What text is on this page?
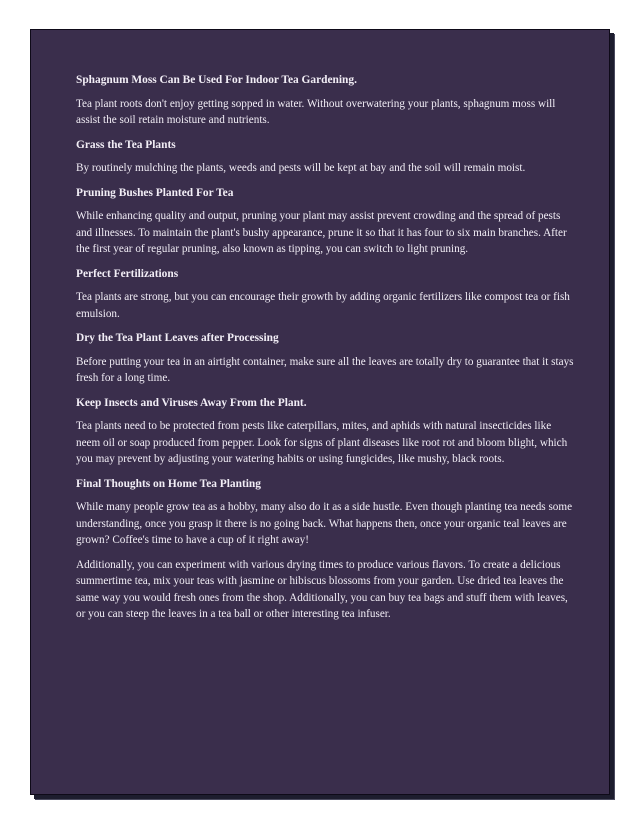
Sphagnum Moss Can Be Used For Indoor Tea Gardening.

Tea plant roots don't enjoy getting sopped in water. Without overwatering your plants, sphagnum moss will assist the soil retain moisture and nutrients.

Grass the Tea Plants

By routinely mulching the plants, weeds and pests will be kept at bay and the soil will remain moist.

Pruning Bushes Planted For Tea

While enhancing quality and output, pruning your plant may assist prevent crowding and the spread of pests and illnesses. To maintain the plant's bushy appearance, prune it so that it has four to six main branches. After the first year of regular pruning, also known as tipping, you can switch to light pruning.

Perfect Fertilizations

Tea plants are strong, but you can encourage their growth by adding organic fertilizers like compost tea or fish emulsion.

Dry the Tea Plant Leaves after Processing

Before putting your tea in an airtight container, make sure all the leaves are totally dry to guarantee that it stays fresh for a long time.

Keep Insects and Viruses Away From the Plant.

Tea plants need to be protected from pests like caterpillars, mites, and aphids with natural insecticides like neem oil or soap produced from pepper. Look for signs of plant diseases like root rot and bloom blight, which you may prevent by adjusting your watering habits or using fungicides, like mushy, black roots.

Final Thoughts on Home Tea Planting

While many people grow tea as a hobby, many also do it as a side hustle. Even though planting tea needs some understanding, once you grasp it there is no going back. What happens then, once your organic teal leaves are grown? Coffee's time to have a cup of it right away!

Additionally, you can experiment with various drying times to produce various flavors. To create a delicious summertime tea, mix your teas with jasmine or hibiscus blossoms from your garden. Use dried tea leaves the same way you would fresh ones from the shop. Additionally, you can buy tea bags and stuff them with leaves, or you can steep the leaves in a tea ball or other interesting tea infuser.
